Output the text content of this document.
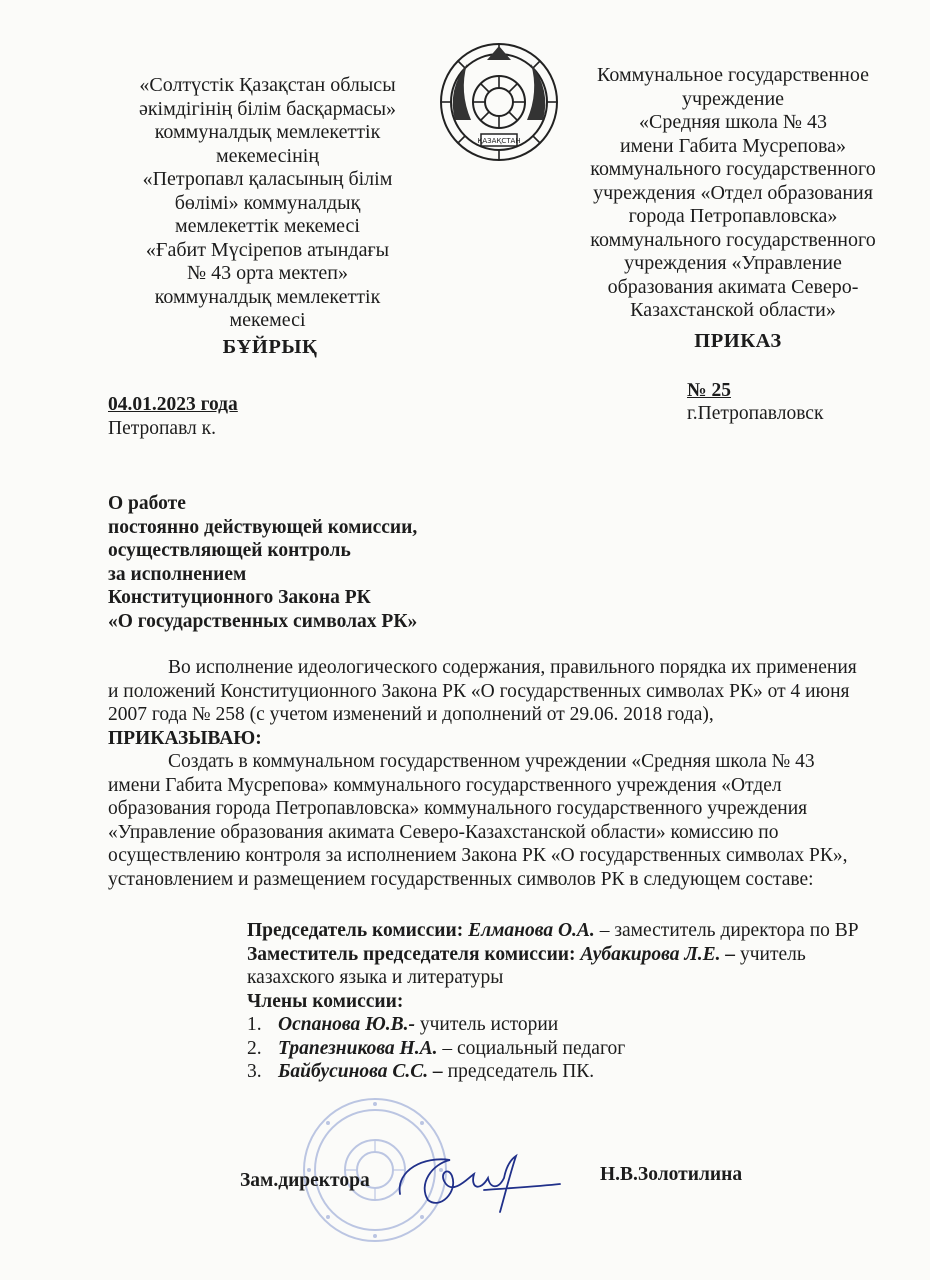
«Солтүстік Қазақстан облысы
әкімдігінің білім басқармасы»
коммуналдық мемлекеттік
мекемесінің
«Петропавл қаласының білім
бөлімі» коммуналдық
мемлекеттік мекемесі
«Ғабит Мүсірепов атындағы
№ 43 орта мектеп»
коммуналдық мемлекеттік
мекемесі
БҰЙРЫҚ
ҚАЗАҚСТАН
Коммунальное государственное
учреждение
«Средняя школа № 43
имени Габита Мусрепова»
коммунального государственного
учреждения «Отдел образования
города Петропавловска»
коммунального государственного
учреждения «Управление
образования акимата Северо-
Казахстанской области»
ПРИКАЗ
04.01.2023 года
Петропавл к.
№ 25
г.Петропавловск
О работе
постоянно действующей комиссии,
осуществляющей контроль
за исполнением
Конституционного Закона РК
«О государственных символах РК»

Во исполнение идеологического содержания, правильного порядка их применения и положений Конституционного Закона РК «О государственных символах РК» от 4 июня 2007 года № 258 (с учетом изменений и дополнений от 29.06. 2018 года), ПРИКАЗЫВАЮ:

Создать в коммунальном государственном учреждении «Средняя школа № 43 имени Габита Мусрепова» коммунального государственного учреждения «Отдел образования города Петропавловска» коммунального государственного учреждения «Управление образования акимата Северо-Казахстанской области» комиссию по осуществлению контроля за исполнением Закона РК «О государственных символах РК», установлением и размещением государственных символов РК в следующем составе:

Председатель комиссии: Елманова О.А. – заместитель директора по ВР

Заместитель председателя комиссии: Аубакирова Л.Е. – учитель казахского языка и литературы

Члены комиссии:

1. Оспанова Ю.В.- учитель истории
2. Трапезникова Н.А. – социальный педагог
3. Байбусинова С.С. – председатель ПК.
Зам.директора	Н.В.Золотилина
